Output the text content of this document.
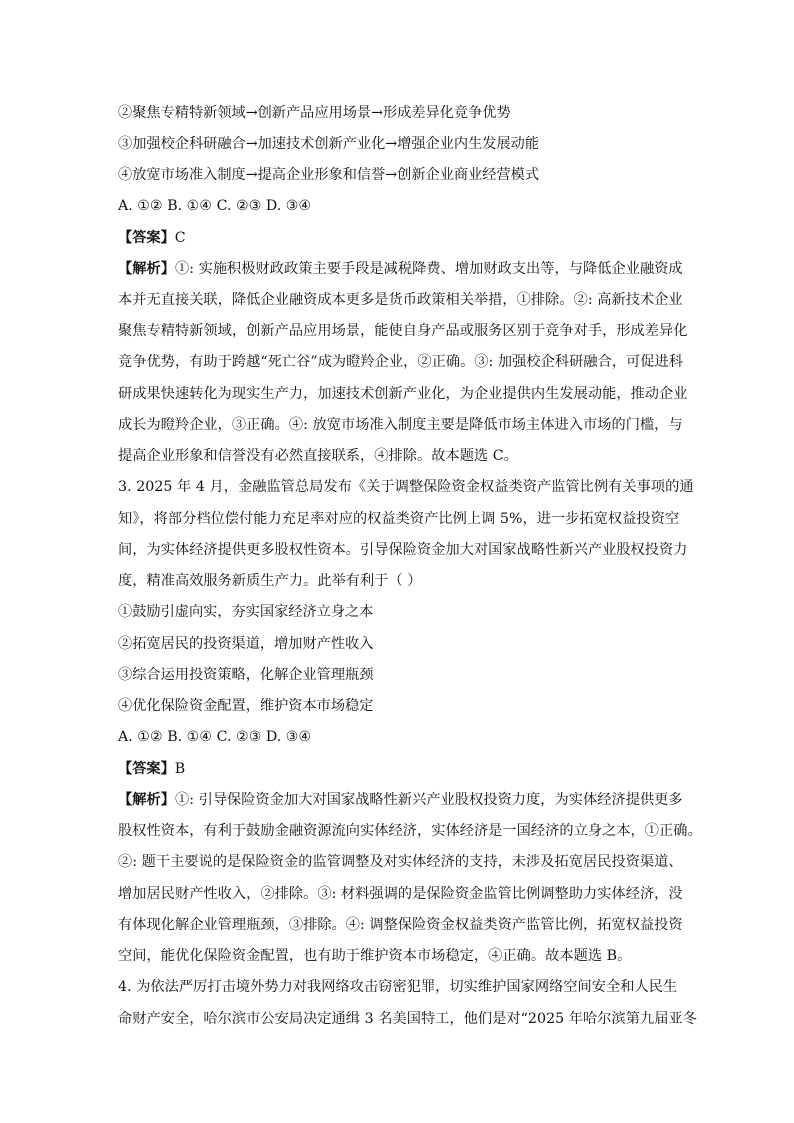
②聚焦专精特新领域→创新产品应用场景→形成差异化竞争优势
③加强校企科研融合→加速技术创新产业化→增强企业内生发展动能
④放宽市场准入制度→提高企业形象和信誉→创新企业商业经营模式
A. ①② B. ①④ C. ②③ D. ③④
【答案】C
【解析】①: 实施积极财政政策主要手段是减税降费、增加财政支出等，与降低企业融资成
本并无直接关联，降低企业融资成本更多是货币政策相关举措，①排除。②: 高新技术企业
聚焦专精特新领域，创新产品应用场景，能使自身产品或服务区别于竞争对手，形成差异化
竞争优势，有助于跨越“死亡谷”成为瞪羚企业，②正确。③: 加强校企科研融合，可促进科
研成果快速转化为现实生产力，加速技术创新产业化，为企业提供内生发展动能，推动企业
成长为瞪羚企业，③正确。④: 放宽市场准入制度主要是降低市场主体进入市场的门槛，与
提高企业形象和信誉没有必然直接联系，④排除。故本题选 C。
3. 2025 年 4 月，金融监管总局发布《关于调整保险资金权益类资产监管比例有关事项的通
知》，将部分档位偿付能力充足率对应的权益类资产比例上调 5%，进一步拓宽权益投资空
间，为实体经济提供更多股权性资本。引导保险资金加大对国家战略性新兴产业股权投资力
度，精准高效服务新质生产力。此举有利于（ ）
①鼓励引虚向实，夯实国家经济立身之本
②拓宽居民的投资渠道，增加财产性收入
③综合运用投资策略，化解企业管理瓶颈
④优化保险资金配置，维护资本市场稳定
A. ①② B. ①④ C. ②③ D. ③④
【答案】B
【解析】①: 引导保险资金加大对国家战略性新兴产业股权投资力度，为实体经济提供更多
股权性资本，有利于鼓励金融资源流向实体经济，实体经济是一国经济的立身之本，①正确。
②: 题干主要说的是保险资金的监管调整及对实体经济的支持，未涉及拓宽居民投资渠道、
增加居民财产性收入，②排除。③: 材料强调的是保险资金监管比例调整助力实体经济，没
有体现化解企业管理瓶颈，③排除。④: 调整保险资金权益类资产监管比例，拓宽权益投资
空间，能优化保险资金配置，也有助于维护资本市场稳定，④正确。故本题选 B。
4. 为依法严厉打击境外势力对我网络攻击窃密犯罪，切实维护国家网络空间安全和人民生
命财产安全，哈尔滨市公安局决定通缉 3 名美国特工，他们是对“2025 年哈尔滨第九届亚冬
